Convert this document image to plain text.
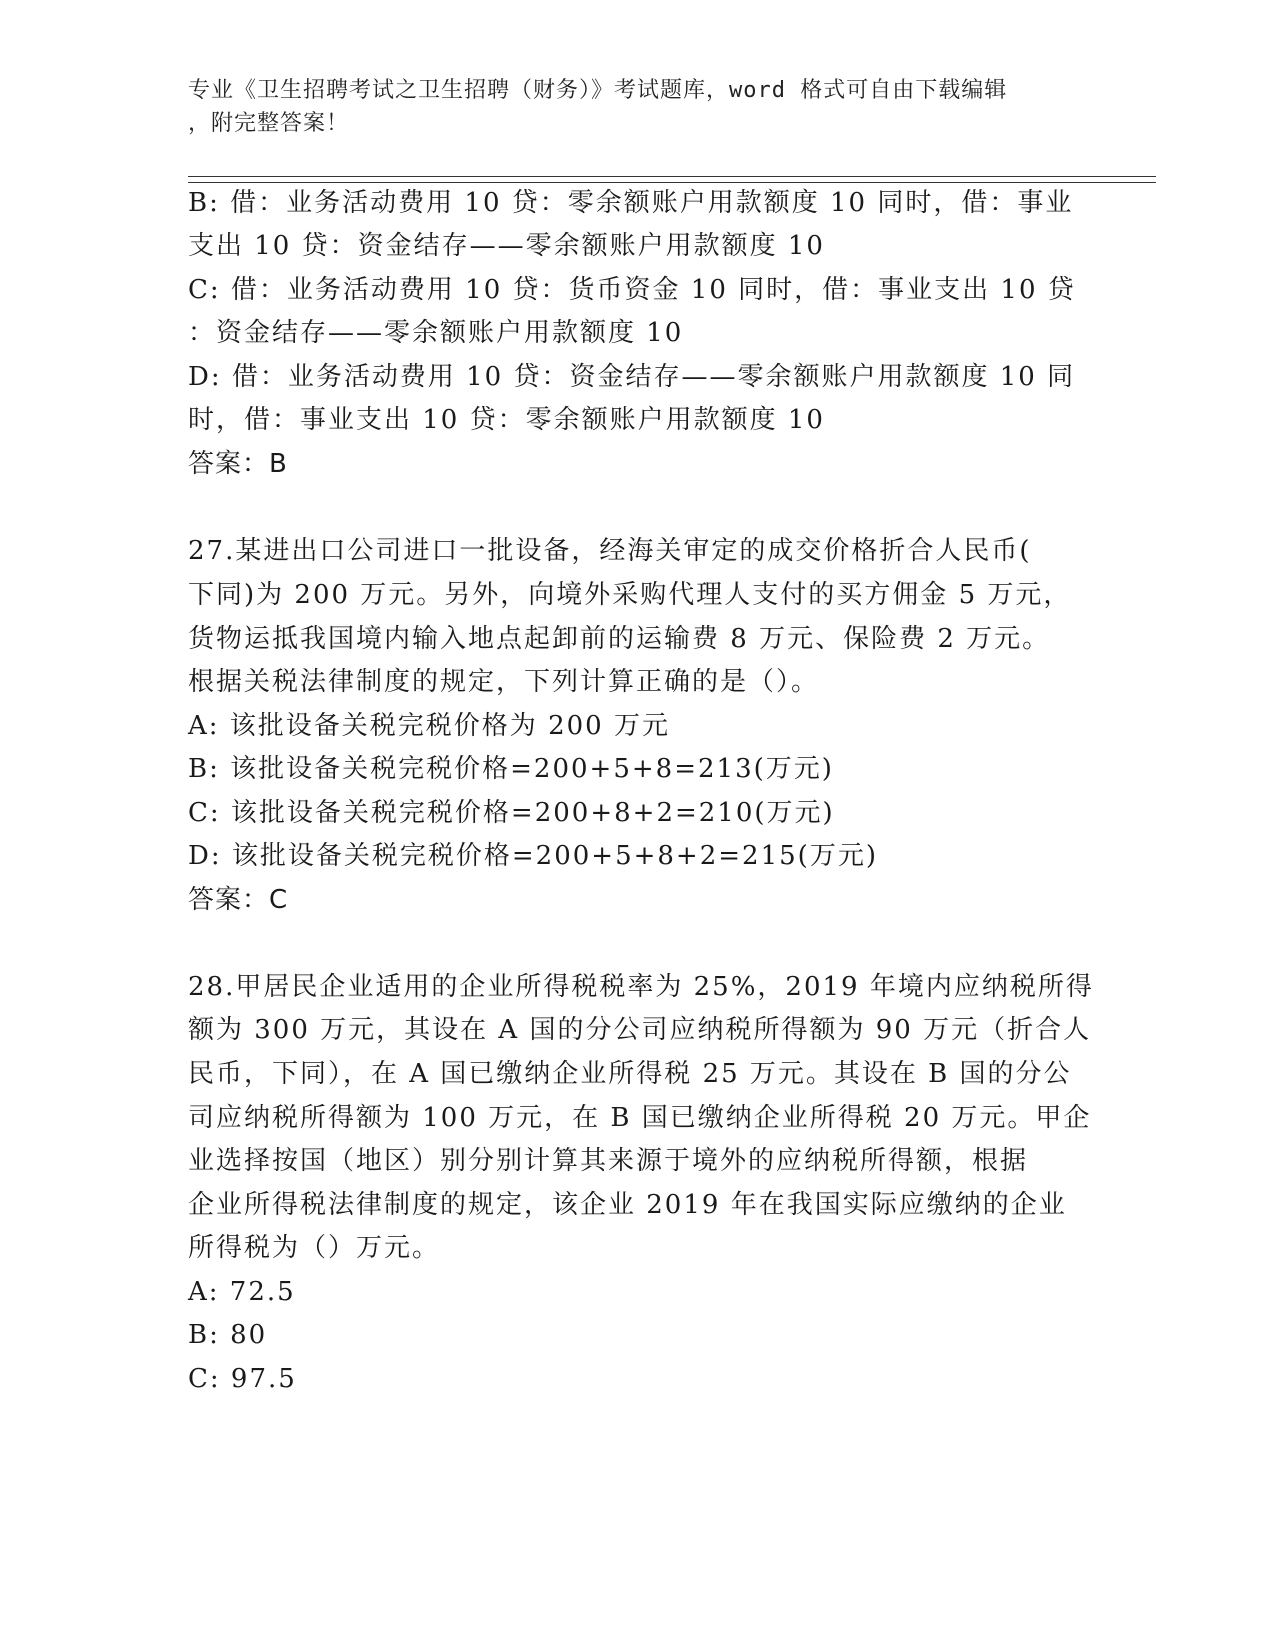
专业《卫生招聘考试之卫生招聘（财务）》考试题库，word 格式可自由下载编辑
，附完整答案！
B: 借：业务活动费用 10 贷：零余额账户用款额度 10 同时，借：事业
支出 10 贷：资金结存——零余额账户用款额度 10
C: 借：业务活动费用 10 贷：货币资金 10 同时，借：事业支出 10 贷
：资金结存——零余额账户用款额度 10
D: 借：业务活动费用 10 贷：资金结存——零余额账户用款额度 10 同
时，借：事业支出 10 贷：零余额账户用款额度 10
答案：B
27.某进出口公司进口一批设备，经海关审定的成交价格折合人民币(
下同)为 200 万元。另外，向境外采购代理人支付的买方佣金 5 万元，
货物运抵我国境内输入地点起卸前的运输费 8 万元、保险费 2 万元。
根据关税法律制度的规定，下列计算正确的是（）。
A: 该批设备关税完税价格为 200 万元
B: 该批设备关税完税价格=200+5+8=213(万元)
C: 该批设备关税完税价格=200+8+2=210(万元)
D: 该批设备关税完税价格=200+5+8+2=215(万元)
答案：C
28.甲居民企业适用的企业所得税税率为 25%，2019 年境内应纳税所得
额为 300 万元，其设在 A 国的分公司应纳税所得额为 90 万元（折合人
民币，下同），在 A 国已缴纳企业所得税 25 万元。其设在 B 国的分公
司应纳税所得额为 100 万元，在 B 国已缴纳企业所得税 20 万元。甲企
业选择按国（地区）别分别计算其来源于境外的应纳税所得额，根据
企业所得税法律制度的规定，该企业 2019 年在我国实际应缴纳的企业
所得税为（）万元。
A: 72.5
B: 80
C: 97.5
